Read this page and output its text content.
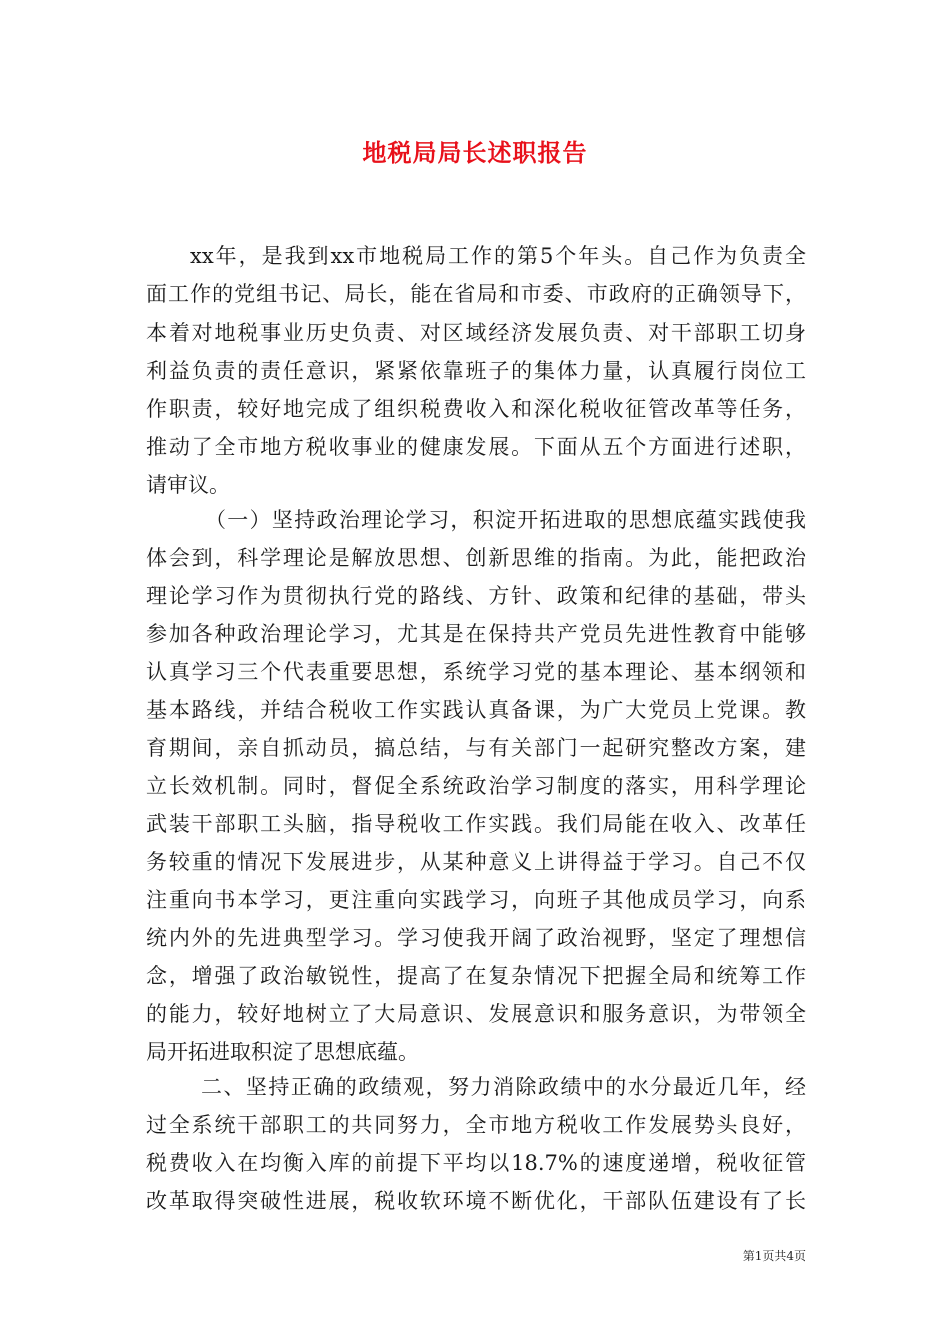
地税局局长述职报告
xx年，是我到xx市地税局工作的第5个年头。自己作为负责全
面工作的党组书记、局长，能在省局和市委、市政府的正确领导下，
本着对地税事业历史负责、对区域经济发展负责、对干部职工切身
利益负责的责任意识，紧紧依靠班子的集体力量，认真履行岗位工
作职责，较好地完成了组织税费收入和深化税收征管改革等任务，
推动了全市地方税收事业的健康发展。下面从五个方面进行述职，
请审议。
（一）坚持政治理论学习，积淀开拓进取的思想底蕴实践使我
体会到，科学理论是解放思想、创新思维的指南。为此，能把政治
理论学习作为贯彻执行党的路线、方针、政策和纪律的基础，带头
参加各种政治理论学习，尤其是在保持共产党员先进性教育中能够
认真学习三个代表重要思想，系统学习党的基本理论、基本纲领和
基本路线，并结合税收工作实践认真备课，为广大党员上党课。教
育期间，亲自抓动员，搞总结，与有关部门一起研究整改方案，建
立长效机制。同时，督促全系统政治学习制度的落实，用科学理论
武装干部职工头脑，指导税收工作实践。我们局能在收入、改革任
务较重的情况下发展进步，从某种意义上讲得益于学习。自己不仅
注重向书本学习，更注重向实践学习，向班子其他成员学习，向系
统内外的先进典型学习。学习使我开阔了政治视野，坚定了理想信
念，增强了政治敏锐性，提高了在复杂情况下把握全局和统筹工作
的能力，较好地树立了大局意识、发展意识和服务意识，为带领全
局开拓进取积淀了思想底蕴。
二、坚持正确的政绩观，努力消除政绩中的水分最近几年，经
过全系统干部职工的共同努力，全市地方税收工作发展势头良好，
税费收入在均衡入库的前提下平均以18.7%的速度递增，税收征管
改革取得突破性进展，税收软环境不断优化，干部队伍建设有了长
第1页共4页
